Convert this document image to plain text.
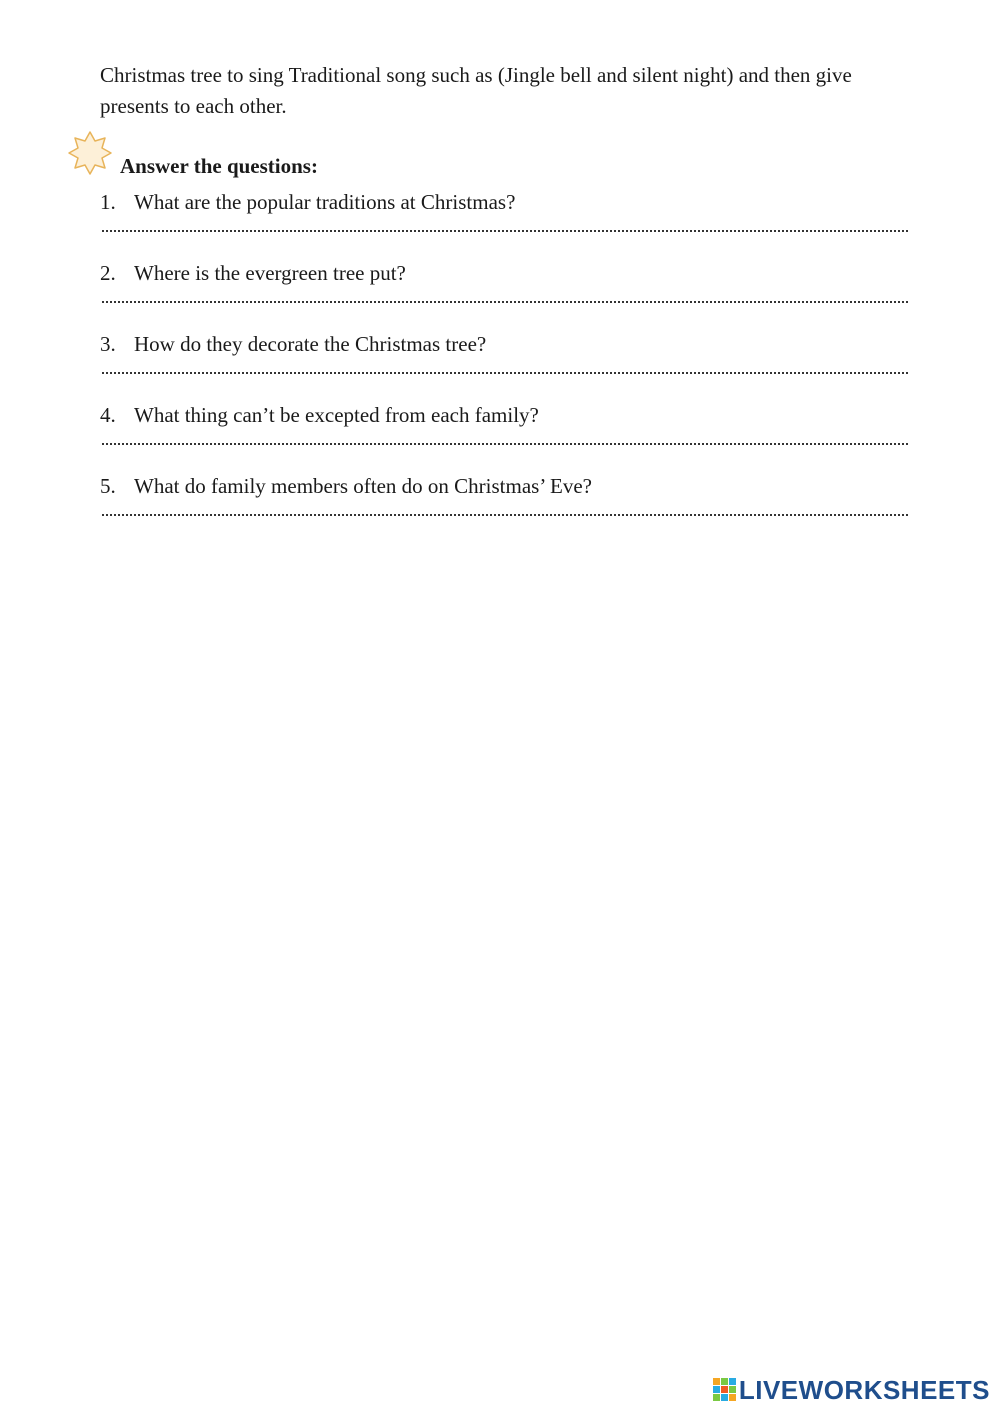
Christmas tree to sing Traditional song such as (Jingle bell and silent night) and then give
presents to each other.

Answer the questions:
1. What are the popular traditions at Christmas?
2. Where is the evergreen tree put?
3. How do they decorate the Christmas tree?
4. What thing can’t be excepted from each family?
5. What do family members often do on Christmas’ Eve?
LIVEWORKSHEETS
